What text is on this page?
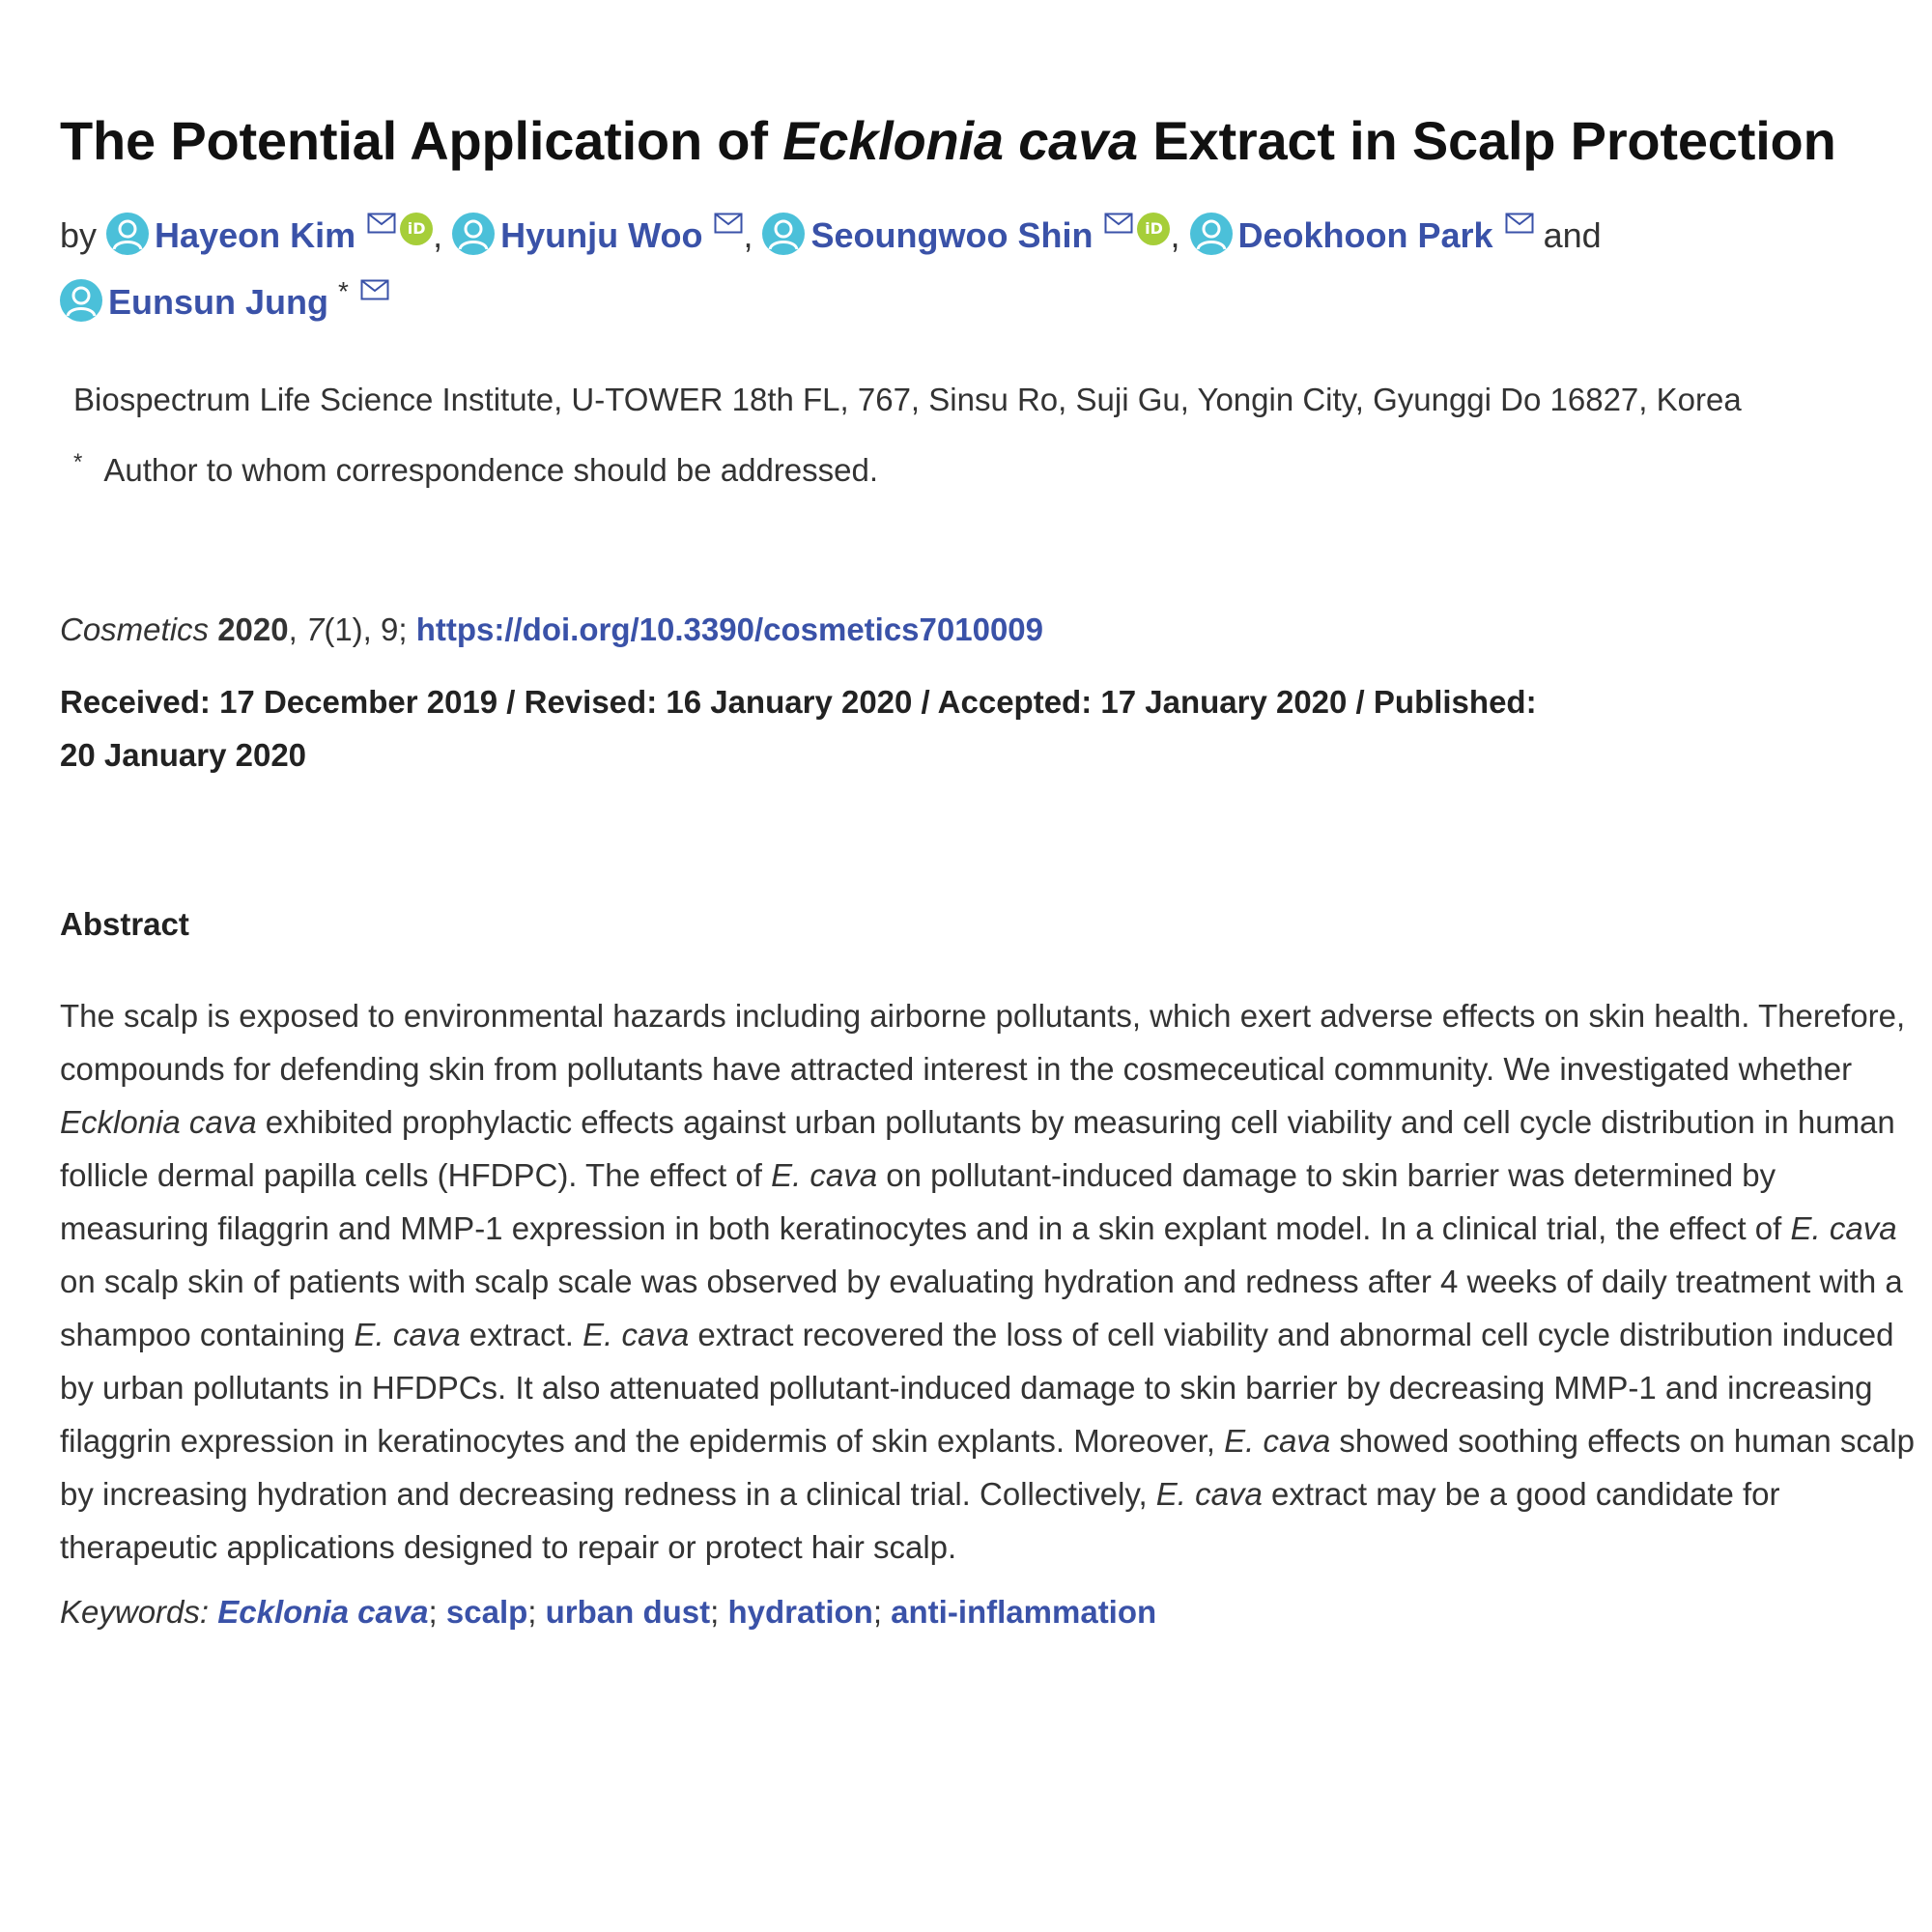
The Potential Application of Ecklonia cava Extract in Scalp Protection
by Hayeon Kim	iD , Hyunju Woo , Seoungwoo Shin	iD , Deokhoon Park and

Eunsun Jung *
Biospectrum Life Science Institute, U-TOWER 18th FL, 767, Sinsu Ro, Suji Gu, Yongin City, Gyunggi Do 16827, Korea
* Author to whom correspondence should be addressed.
Cosmetics 2020, 7(1), 9; https://doi.org/10.3390/cosmetics7010009
Received: 17 December 2019 / Revised: 16 January 2020 / Accepted: 17 January 2020 / Published: 20 January 2020
Abstract
The scalp is exposed to environmental hazards including airborne pollutants, which exert adverse effects on skin health. Therefore, compounds for defending skin from pollutants have attracted interest in the cosmeceutical community. We investigated whether Ecklonia cava exhibited prophylactic effects against urban pollutants by measuring cell viability and cell cycle distribution in human follicle dermal papilla cells (HFDPC). The effect of E. cava on pollutant-induced damage to skin barrier was determined by measuring filaggrin and MMP-1 expression in both keratinocytes and in a skin explant model. In a clinical trial, the effect of E. cava on scalp skin of patients with scalp scale was observed by evaluating hydration and redness after 4 weeks of daily treatment with a shampoo containing E. cava extract. E. cava extract recovered the loss of cell viability and abnormal cell cycle distribution induced by urban pollutants in HFDPCs. It also attenuated pollutant-induced damage to skin barrier by decreasing MMP-1 and increasing filaggrin expression in keratinocytes and the epidermis of skin explants. Moreover, E. cava showed soothing effects on human scalp by increasing hydration and decreasing redness in a clinical trial. Collectively, E. cava extract may be a good candidate for therapeutic applications designed to repair or protect hair scalp.
Keywords: Ecklonia cava; scalp; urban dust; hydration; anti-inflammation
